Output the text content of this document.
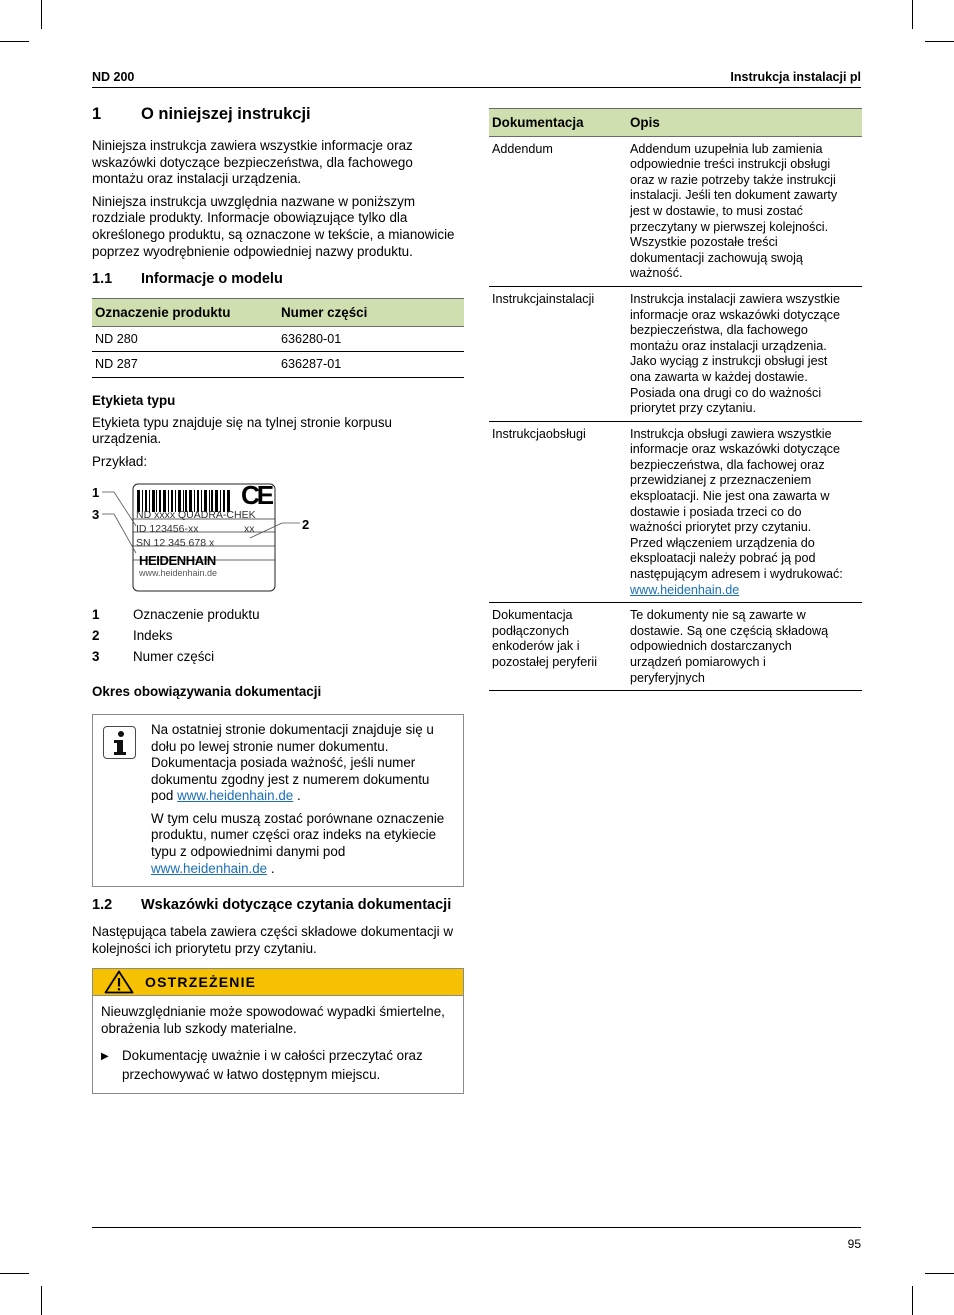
ND 200	Instrukcja instalacji pl
1	O niniejszej instrukcji

Niniejsza instrukcja zawiera wszystkie informacje oraz wskazówki dotyczące bezpieczeństwa, dla fachowego montażu oraz instalacji urządzenia.

Niniejsza instrukcja uwzględnia nazwane w poniższym rozdziale produkty. Informacje obowiązujące tylko dla określonego produktu, są oznaczone w tekście, a mianowicie poprzez wyodrębnienie odpowiedniej nazwy produktu.

1.1	Informacje o modelu
Oznaczenie produktu	Numer części
ND 280	636280-01
ND 287	636287-01
Etykieta typu

Etykieta typu znajduje się na tylnej stronie korpusu urządzenia.

Przykład:

CE
ND xxxx QUADRA-CHEK
ID 123456-xx	xx
SN 12 345 678 x
HEIDENHAIN
www.heidenhain.de
1
3
2
1	Oznaczenie produktu
2	Indeks
3	Numer części
Okres obowiązywania dokumentacji

Na ostatniej stronie dokumentacji znajduje się u dołu po lewej stronie numer dokumentu. Dokumentacja posiada ważność, jeśli numer dokumentu zgodny jest z numerem dokumentu pod www.heidenhain.de .

W tym celu muszą zostać porównane oznaczenie produktu, numer części oraz indeks na etykiecie typu z odpowiednimi danymi pod www.heidenhain.de .

1.2	Wskazówki dotyczące czytania dokumentacji

Następująca tabela zawiera części składowe dokumentacji w kolejności ich priorytetu przy czytaniu.

OSTRZEŻENIE
Nieuwzględnianie może spowodować wypadki śmiertelne, obrażenia lub szkody materialne.
▶ Dokumentację uważnie i w całości przeczytać oraz przechowywać w łatwo dostępnym miejscu.
Dokumentacja	Opis
Addendum	Addendum uzupełnia lub zamienia odpowiednie treści instrukcji obsługi oraz w razie potrzeby także instrukcji instalacji. Jeśli ten dokument zawarty jest w dostawie, to musi zostać przeczytany w pierwszej kolejności. Wszystkie pozostałe treści dokumentacji zachowują swoją ważność.
Instrukcjainstalacji	Instrukcja instalacji zawiera wszystkie informacje oraz wskazówki dotyczące bezpieczeństwa, dla fachowego montażu oraz instalacji urządzenia. Jako wyciąg z instrukcji obsługi jest ona zawarta w każdej dostawie. Posiada ona drugi co do ważności priorytet przy czytaniu.
Instrukcjaobsługi	Instrukcja obsługi zawiera wszystkie informacje oraz wskazówki dotyczące bezpieczeństwa, dla fachowej oraz przewidzianej z przeznaczeniem eksploatacji. Nie jest ona zawarta w dostawie i posiada trzeci co do ważności priorytet przy czytaniu. Przed włączeniem urządzenia do eksploatacji należy pobrać ją pod następującym adresem i wydrukować: www.heidenhain.de
Dokumentacja podłączonych enkoderów jak i pozostałej peryferii	Te dokumenty nie są zawarte w dostawie. Są one częścią składową odpowiednich dostarczanych urządzeń pomiarowych i peryferyjnych
95
